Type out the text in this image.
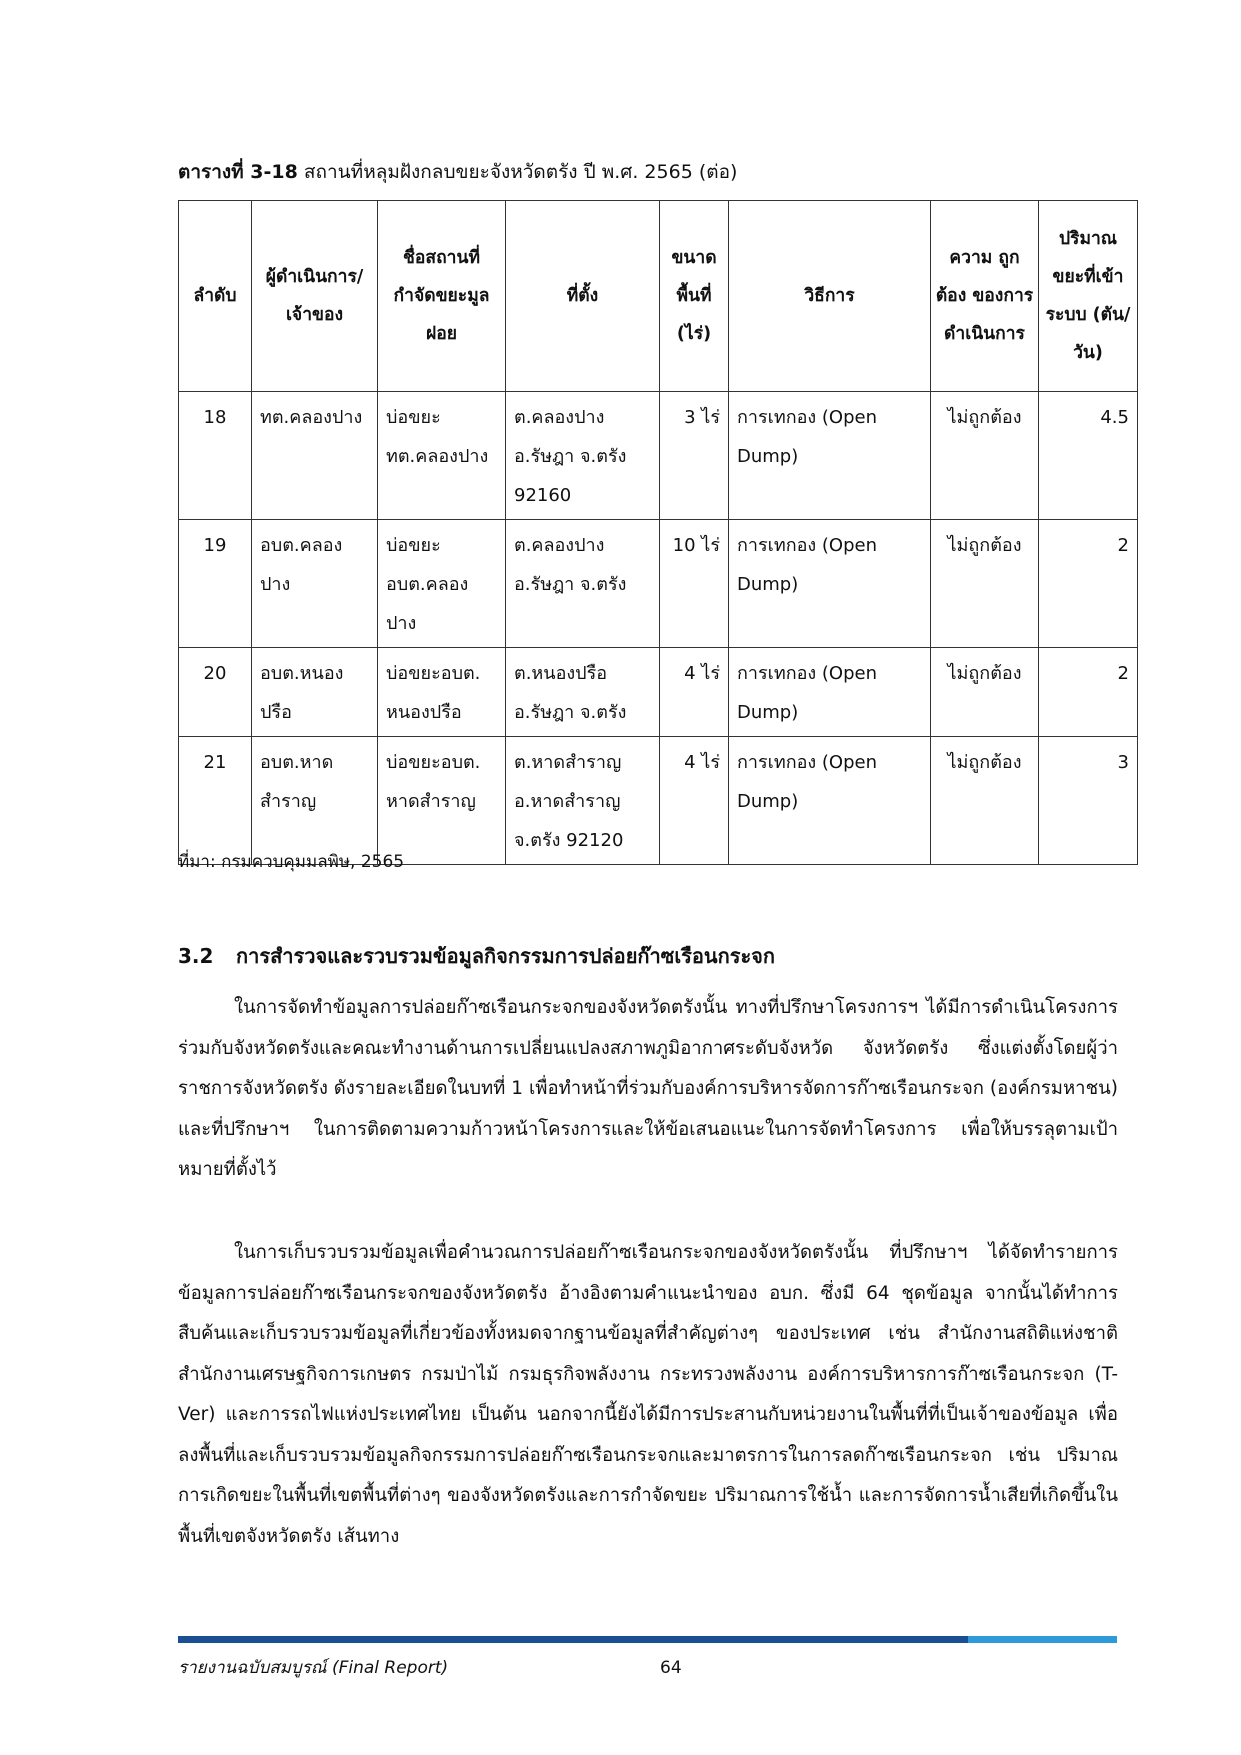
ตารางที่ 3-18 สถานที่หลุมฝังกลบขยะจังหวัดตรัง ปี พ.ศ. 2565 (ต่อ)
ลำดับ	ผู้ดำเนินการ/ เจ้าของ	ชื่อสถานที่ กำจัดขยะมูล ฝอย	ที่ตั้ง	ขนาด พื้นที่ (ไร่)	วิธีการ	ความ ถูกต้อง ของการ ดำเนินการ	ปริมาณ ขยะที่เข้า ระบบ (ตัน/วัน)
18	ทต.คลองปาง	บ่อขยะทต.คลองปาง	ต.คลองปาง อ.รัษฎา จ.ตรัง 92160	3 ไร่	การเทกอง (Open Dump)	ไม่ถูกต้อง	4.5
19	อบต.คลองปาง	บ่อขยะ อบต.คลองปาง	ต.คลองปาง อ.รัษฎา จ.ตรัง	10 ไร่	การเทกอง (Open Dump)	ไม่ถูกต้อง	2
20	อบต.หนองปรือ	บ่อขยะอบต. หนองปรือ	ต.หนองปรือ อ.รัษฎา จ.ตรัง	4 ไร่	การเทกอง (Open Dump)	ไม่ถูกต้อง	2
21	อบต.หาดสำราญ	บ่อขยะอบต. หาดสำราญ	ต.หาดสำราญ อ.หาดสำราญ จ.ตรัง 92120	4 ไร่	การเทกอง (Open Dump)	ไม่ถูกต้อง	3
ที่มา: กรมควบคุมมลพิษ, 2565
3.2 การสำรวจและรวบรวมข้อมูลกิจกรรมการปล่อยก๊าซเรือนกระจก

ในการจัดทำข้อมูลการปล่อยก๊าซเรือนกระจกของจังหวัดตรังนั้น ทางที่ปรึกษาโครงการฯ ได้มีการดำเนินโครงการร่วมกับจังหวัดตรังและคณะทำงานด้านการเปลี่ยนแปลงสภาพภูมิอากาศระดับจังหวัด จังหวัดตรัง ซึ่งแต่งตั้งโดยผู้ว่าราชการจังหวัดตรัง ดังรายละเอียดในบทที่ 1 เพื่อทำหน้าที่ร่วมกับองค์การบริหารจัดการก๊าซเรือนกระจก (องค์กรมหาชน) และที่ปรึกษาฯ ในการติดตามความก้าวหน้าโครงการและให้ข้อเสนอแนะในการจัดทำโครงการ เพื่อให้บรรลุตามเป้าหมายที่ตั้งไว้

ในการเก็บรวบรวมข้อมูลเพื่อคำนวณการปล่อยก๊าซเรือนกระจกของจังหวัดตรังนั้น ที่ปรึกษาฯ ได้จัดทำรายการข้อมูลการปล่อยก๊าซเรือนกระจกของจังหวัดตรัง อ้างอิงตามคำแนะนำของ อบก. ซึ่งมี 64 ชุดข้อมูล จากนั้นได้ทำการสืบค้นและเก็บรวบรวมข้อมูลที่เกี่ยวข้องทั้งหมดจากฐานข้อมูลที่สำคัญต่างๆ ของประเทศ เช่น สำนักงานสถิติแห่งชาติ สำนักงานเศรษฐกิจการเกษตร กรมป่าไม้ กรมธุรกิจพลังงาน กระทรวงพลังงาน องค์การบริหารการก๊าซเรือนกระจก (T-Ver) และการรถไฟแห่งประเทศไทย เป็นต้น นอกจากนี้ยังได้มีการประสานกับหน่วยงานในพื้นที่ที่เป็นเจ้าของข้อมูล เพื่อลงพื้นที่และเก็บรวบรวมข้อมูลกิจกรรมการปล่อยก๊าซเรือนกระจกและมาตรการในการลดก๊าซเรือนกระจก เช่น ปริมาณการเกิดขยะในพื้นที่เขตพื้นที่ต่างๆ ของจังหวัดตรังและการกำจัดขยะ ปริมาณการใช้น้ำ และการจัดการน้ำเสียที่เกิดขึ้นในพื้นที่เขตจังหวัดตรัง เส้นทาง

รายงานฉบับสมบูรณ์ (Final Report)	64
